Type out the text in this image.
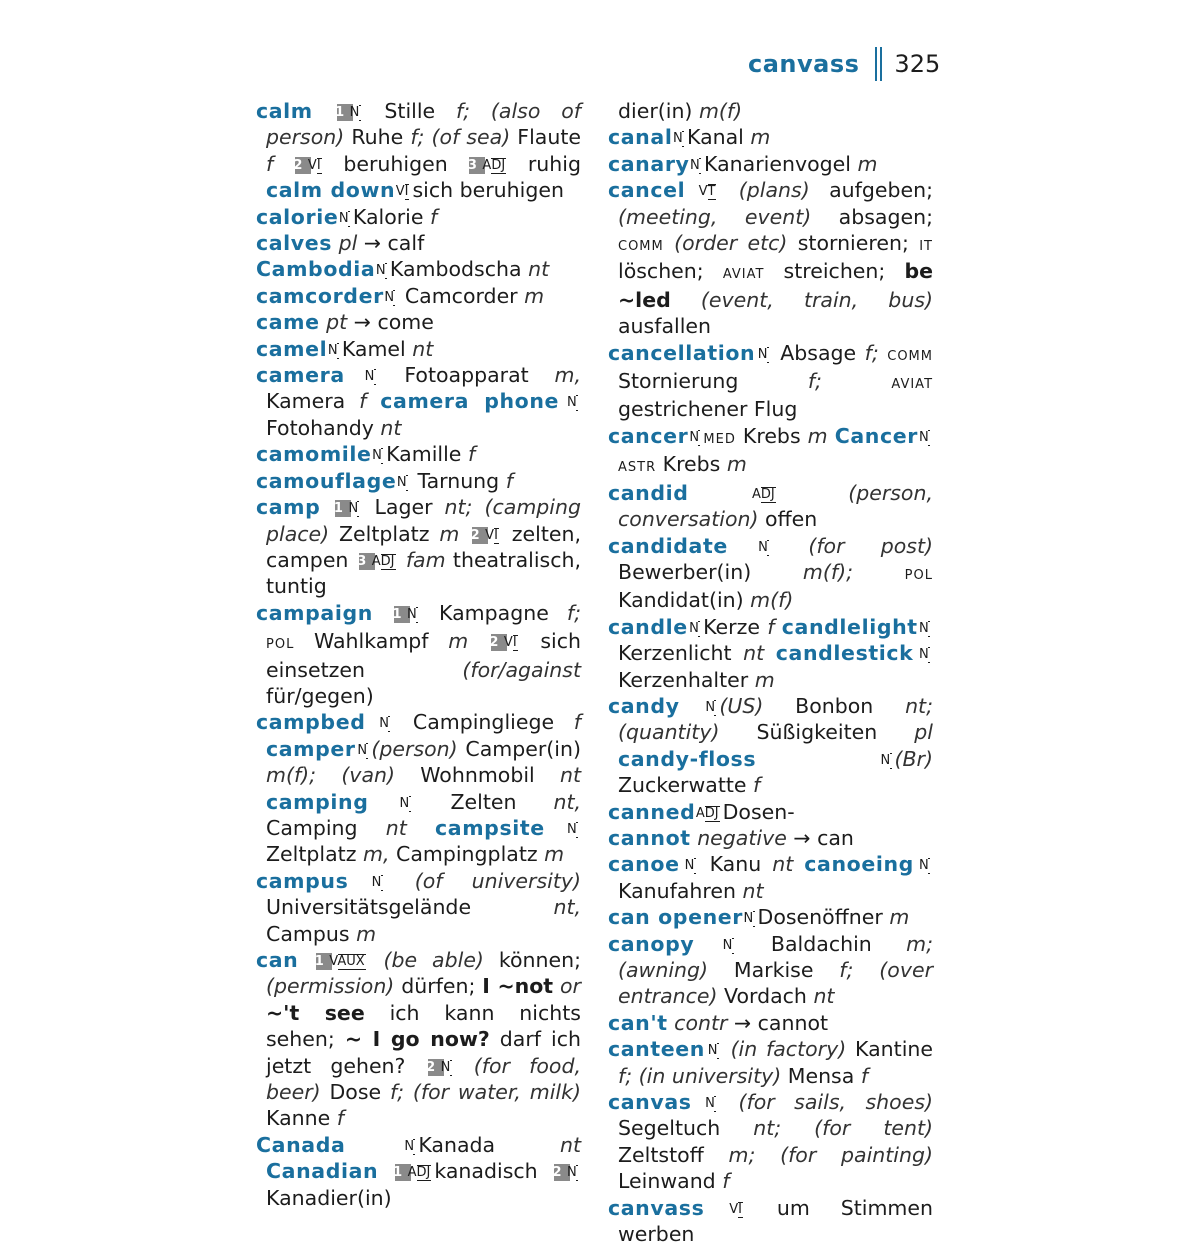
canvass 325

calm 1 N Stille f; (also of person) Ruhe f; (of sea) Flaute f 2 VI beruhigen 3 ADJ ruhig calm down VI sich beruhigen

calorie N Kalorie f

calves pl → calf

Cambodia N Kambodscha nt

camcorder N Camcorder m

came pt → come

camel N Kamel nt

camera N Fotoapparat m, Kamera f camera phone NFotohandy nt

camomile N Kamille f

camouflage N Tarnung f

camp 1 N Lager nt; (camping place) Zeltplatz m 2 VI zelten, campen 3 ADJ fam theatralisch, tuntig

campaign 1 N Kampagne f; pol Wahlkampf m 2 VI sich einsetzen (for/against für/gegen)

campbed N Campingliege f camper N (person) Camper(in) m(f); (van) Wohnmobil nt camping N Zelten nt, Camping nt campsite N Zeltplatz m, Campingplatz m

campus N (of university) Universitätsgelände nt, Campus m

can 1 VAUX (be able) können; (permission) dürfen; I ~not or ~'t see ich kann nichts sehen; ~ I go now? darf ich jetzt gehen? 2 N (for food, beer) Dose f; (for water, milk) Kanne f

Canada	N Kanada nt Canadian 1 ADJ kanadisch 2 NKanadier(in)

dier(in) m(f)

canal N Kanal m

canary N Kanarienvogel m

cancel VT (plans) aufgeben; (meeting, event) absagen; comm (order etc) stornieren; it löschen; aviat streichen; be ~led (event, train, bus) ausfallen

cancellation N Absage f; comm Stornierung f; aviat gestrichener Flug

cancer N med Krebs m Cancer Nastr Krebs m

candid	ADJ (person, conversation) offen

candidate N (for post) Bewerber(in) m(f); pol Kandidat(in) m(f)

candle N Kerze f candlelight NKerzenlicht nt candlestick NKerzenhalter m

candy N (US) Bonbon nt; (quantity) Süßigkeiten pl candy-floss	N (Br) Zuckerwatte f

canned ADJ Dosen-

cannot negative → can

canoe N Kanu nt canoeing NKanufahren nt

can opener N Dosenöffner m

canopy N Baldachin m; (awning) Markise f; (over entrance) Vordach nt

can't contr → cannot

canteen N (in factory) Kantine f; (in university) Mensa f

canvas N (for sails, shoes) Segeltuch nt; (for tent) Zeltstoff m; (for painting) Leinwand f

canvass VI um Stimmen werben
